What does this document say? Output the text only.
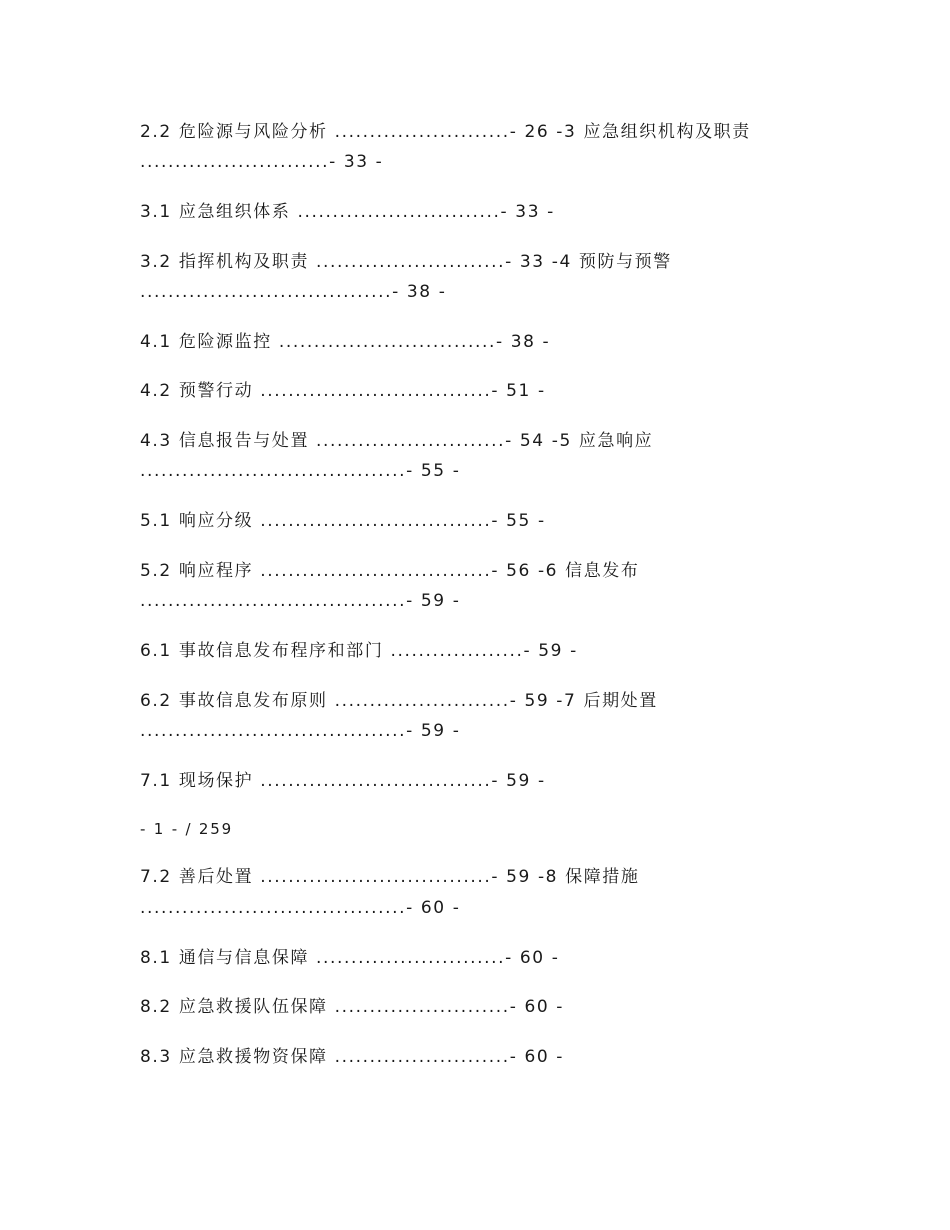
2.2 危险源与风险分析 .........................- 26 -3 应急组织机构及职责
...........................- 33 -
3.1 应急组织体系 .............................- 33 -
3.2 指挥机构及职责 ...........................- 33 -4 预防与预警
....................................- 38 -
4.1 危险源监控 ...............................- 38 -
4.2 预警行动 .................................- 51 -
4.3 信息报告与处置 ...........................- 54 -5 应急响应
......................................- 55 -
5.1 响应分级 .................................- 55 -
5.2 响应程序 .................................- 56 -6 信息发布
......................................- 59 -
6.1 事故信息发布程序和部门 ...................- 59 -
6.2 事故信息发布原则 .........................- 59 -7 后期处置
......................................- 59 -
7.1 现场保护 .................................- 59 -
- 1 - / 259
7.2 善后处置 .................................- 59 -8 保障措施
......................................- 60 -
8.1 通信与信息保障 ...........................- 60 -
8.2 应急救援队伍保障 .........................- 60 -
8.3 应急救援物资保障 .........................- 60 -
